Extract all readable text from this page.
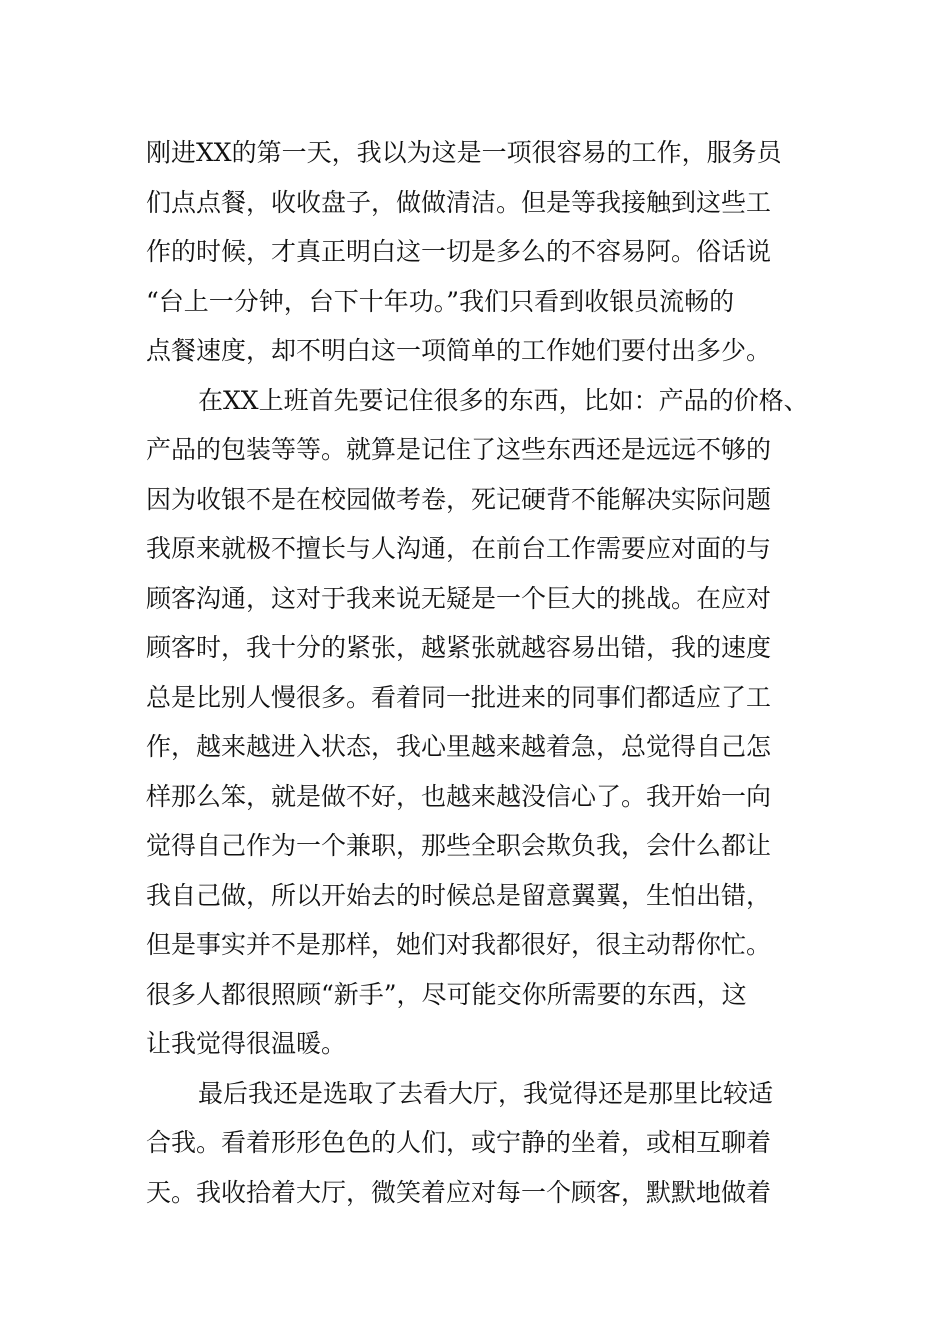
刚进XX的第一天，我以为这是一项很容易的工作，服务员
们点点餐，收收盘子，做做清洁。但是等我接触到这些工
作的时候，才真正明白这一切是多么的不容易阿。俗话说
“台上一分钟，台下十年功。”我们只看到收银员流畅的
点餐速度，却不明白这一项简单的工作她们要付出多少。
在XX上班首先要记住很多的东西，比如：产品的价格、
产品的包装等等。就算是记住了这些东西还是远远不够的
因为收银不是在校园做考卷，死记硬背不能解决实际问题
我原来就极不擅长与人沟通，在前台工作需要应对面的与
顾客沟通，这对于我来说无疑是一个巨大的挑战。在应对
顾客时，我十分的紧张，越紧张就越容易出错，我的速度
总是比别人慢很多。看着同一批进来的同事们都适应了工
作，越来越进入状态，我心里越来越着急，总觉得自己怎
样那么笨，就是做不好，也越来越没信心了。我开始一向
觉得自己作为一个兼职，那些全职会欺负我，会什么都让
我自己做，所以开始去的时候总是留意翼翼，生怕出错，
但是事实并不是那样，她们对我都很好，很主动帮你忙。
很多人都很照顾“新手”，尽可能交你所需要的东西，这
让我觉得很温暖。
最后我还是选取了去看大厅，我觉得还是那里比较适
合我。看着形形色色的人们，或宁静的坐着，或相互聊着
天。我收拾着大厅，微笑着应对每一个顾客，默默地做着
